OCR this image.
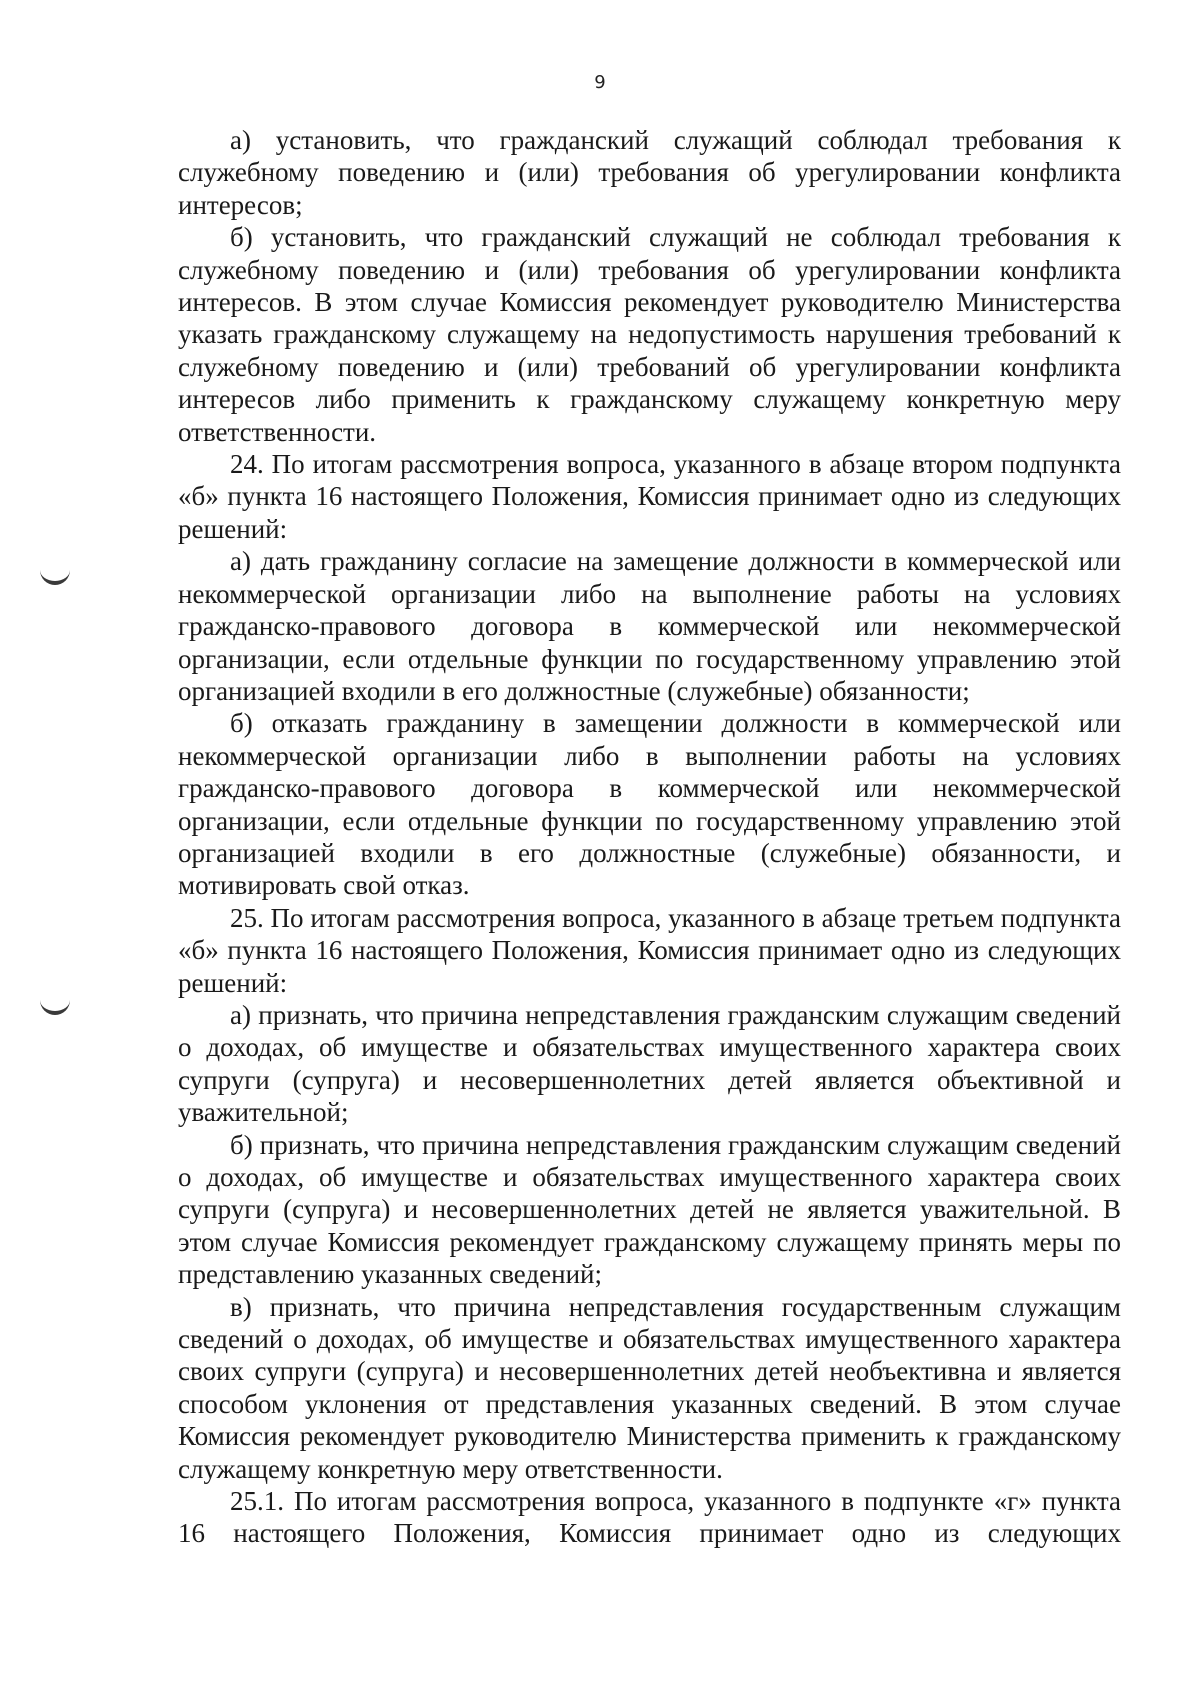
9

а) установить, что гражданский служащий соблюдал требования к служебному поведению и (или) требования об урегулировании конфликта интересов;

б) установить, что гражданский служащий не соблюдал требования к служебному поведению и (или) требования об урегулировании конфликта интересов. В этом случае Комиссия рекомендует руководителю Министерства указать гражданскому служащему на недопустимость нарушения требований к служебному поведению и (или) требований об урегулировании конфликта интересов либо применить к гражданскому служащему конкретную меру ответственности.

24. По итогам рассмотрения вопроса, указанного в абзаце втором подпункта «б» пункта 16 настоящего Положения, Комиссия принимает одно из следующих решений:

а) дать гражданину согласие на замещение должности в коммерческой или некоммерческой организации либо на выполнение работы на условиях гражданско-правового договора в коммерческой или некоммерческой организации, если отдельные функции по государственному управлению этой организацией входили в его должностные (служебные) обязанности;

б) отказать гражданину в замещении должности в коммерческой или некоммерческой организации либо в выполнении работы на условиях гражданско-правового договора в коммерческой или некоммерческой организации, если отдельные функции по государственному управлению этой организацией входили в его должностные (служебные) обязанности, и мотивировать свой отказ.

25. По итогам рассмотрения вопроса, указанного в абзаце третьем подпункта «б» пункта 16 настоящего Положения, Комиссия принимает одно из следующих решений:

а) признать, что причина непредставления гражданским служащим сведений о доходах, об имуществе и обязательствах имущественного характера своих супруги (супруга) и несовершеннолетних детей является объективной и уважительной;

б) признать, что причина непредставления гражданским служащим сведений о доходах, об имуществе и обязательствах имущественного характера своих супруги (супруга) и несовершеннолетних детей не является уважительной. В этом случае Комиссия рекомендует гражданскому служащему принять меры по представлению указанных сведений;

в) признать, что причина непредставления государственным служащим сведений о доходах, об имуществе и обязательствах имущественного характера своих супруги (супруга) и несовершеннолетних детей необъективна и является способом уклонения от представления указанных сведений. В этом случае Комиссия рекомендует руководителю Министерства применить к гражданскому служащему конкретную меру ответственности.

25.1. По итогам рассмотрения вопроса, указанного в подпункте «г» пункта 16 настоящего Положения, Комиссия принимает одно из следующих
